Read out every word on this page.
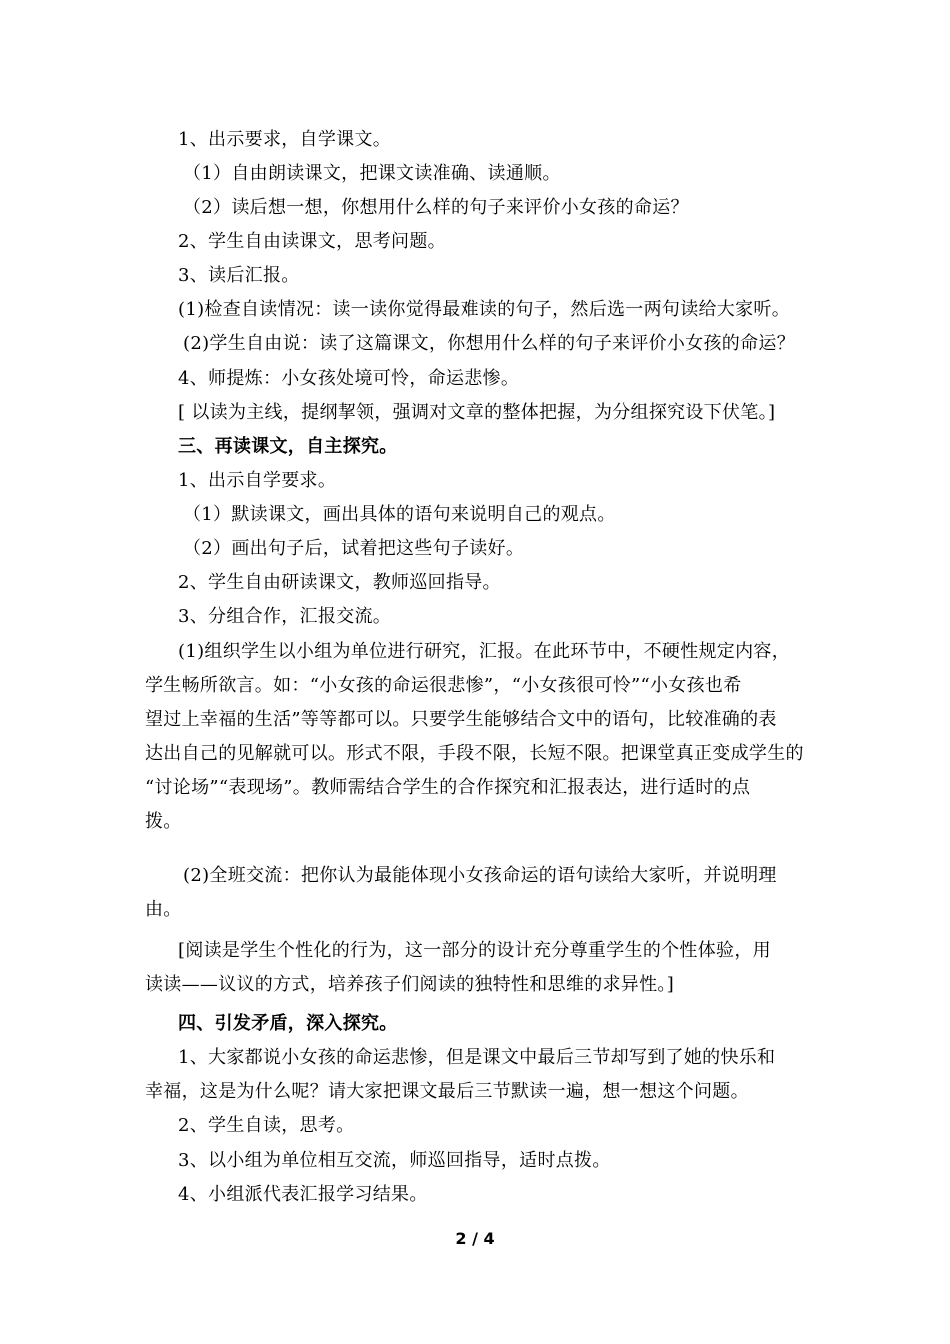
1、出示要求，自学课文。
（1）自由朗读课文，把课文读准确、读通顺。
（2）读后想一想，你想用什么样的句子来评价小女孩的命运？
2、学生自由读课文，思考问题。
3、读后汇报。
(1)检查自读情况：读一读你觉得最难读的句子，然后选一两句读给大家听。
(2)学生自由说：读了这篇课文，你想用什么样的句子来评价小女孩的命运？
4、师提炼：小女孩处境可怜，命运悲惨。
[ 以读为主线，提纲挈领，强调对文章的整体把握，为分组探究设下伏笔。]
三、再读课文，自主探究。
1、出示自学要求。
（1）默读课文，画出具体的语句来说明自己的观点。
（2）画出句子后，试着把这些句子读好。
2、学生自由研读课文，教师巡回指导。
3、分组合作，汇报交流。
(1)组织学生以小组为单位进行研究，汇报。在此环节中，不硬性规定内容，
学生畅所欲言。如：“小女孩的命运很悲惨”，“小女孩很可怜”“小女孩也希
望过上幸福的生活”等等都可以。只要学生能够结合文中的语句，比较准确的表
达出自己的见解就可以。形式不限，手段不限，长短不限。把课堂真正变成学生的
“讨论场”“表现场”。教师需结合学生的合作探究和汇报表达，进行适时的点
拨。
(2)全班交流：把你认为最能体现小女孩命运的语句读给大家听，并说明理
由。
[阅读是学生个性化的行为，这一部分的设计充分尊重学生的个性体验，用
读读——议议的方式，培养孩子们阅读的独特性和思维的求异性。]
四、引发矛盾，深入探究。
1、大家都说小女孩的命运悲惨，但是课文中最后三节却写到了她的快乐和
幸福，这是为什么呢？请大家把课文最后三节默读一遍，想一想这个问题。
2、学生自读，思考。
3、以小组为单位相互交流，师巡回指导，适时点拨。
4、小组派代表汇报学习结果。
2 / 4
